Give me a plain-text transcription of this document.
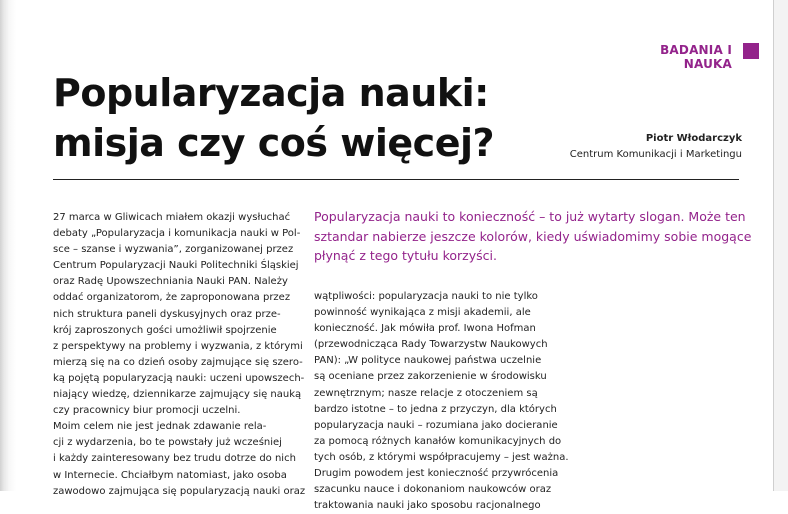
BADANIA I NAUKA
Popularyzacja nauki:
misja czy coś więcej?	Piotr Włodarczyk
Centrum Komunikacji i Marketingu
27 marca w Gliwicach miałem okazji wysłuchać
debaty „Popularyzacja i komunikacja nauki w Pol-
sce – szanse i wyzwania”, zorganizowanej przez
Centrum Popularyzacji Nauki Politechniki Śląskiej
oraz Radę Upowszechniania Nauki PAN. Należy
oddać organizatorom, że zaproponowana przez
nich struktura paneli dyskusyjnych oraz prze-
krój zaproszonych gości umożliwił spojrzenie
z perspektywy na problemy i wyzwania, z którymi
mierzą się na co dzień osoby zajmujące się szero-
ką pojętą popularyzacją nauki: uczeni upowszech-
niający wiedzę, dziennikarze zajmujący się nauką
czy pracownicy biur promocji uczelni.
Moim celem nie jest jednak zdawanie rela-
cji z wydarzenia, bo te powstały już wcześniej
i każdy zainteresowany bez trudu dotrze do nich
w Internecie. Chciałbym natomiast, jako osoba
zawodowo zajmująca się popularyzacją nauki oraz
Popularyzacja nauki to konieczność – to już wytarty slogan. Może ten
sztandar nabierze jeszcze kolorów, kiedy uświadomimy sobie mogące
płynąć z tego tytułu korzyści.
wątpliwości: popularyzacja nauki to nie tylko
powinność wynikająca z misji akademii, ale
konieczność. Jak mówiła prof. Iwona Hofman
(przewodnicząca Rady Towarzystw Naukowych
PAN): „W polityce naukowej państwa uczelnie
są oceniane przez zakorzenienie w środowisku
zewnętrznym; nasze relacje z otoczeniem są
bardzo istotne – to jedna z przyczyn, dla których
popularyzacja nauki – rozumiana jako docieranie
za pomocą różnych kanałów komunikacyjnych do
tych osób, z którymi współpracujemy – jest ważna.
Drugim powodem jest konieczność przywrócenia
szacunku nauce i dokonaniom naukowców oraz
traktowania nauki jako sposobu racjonalnego
